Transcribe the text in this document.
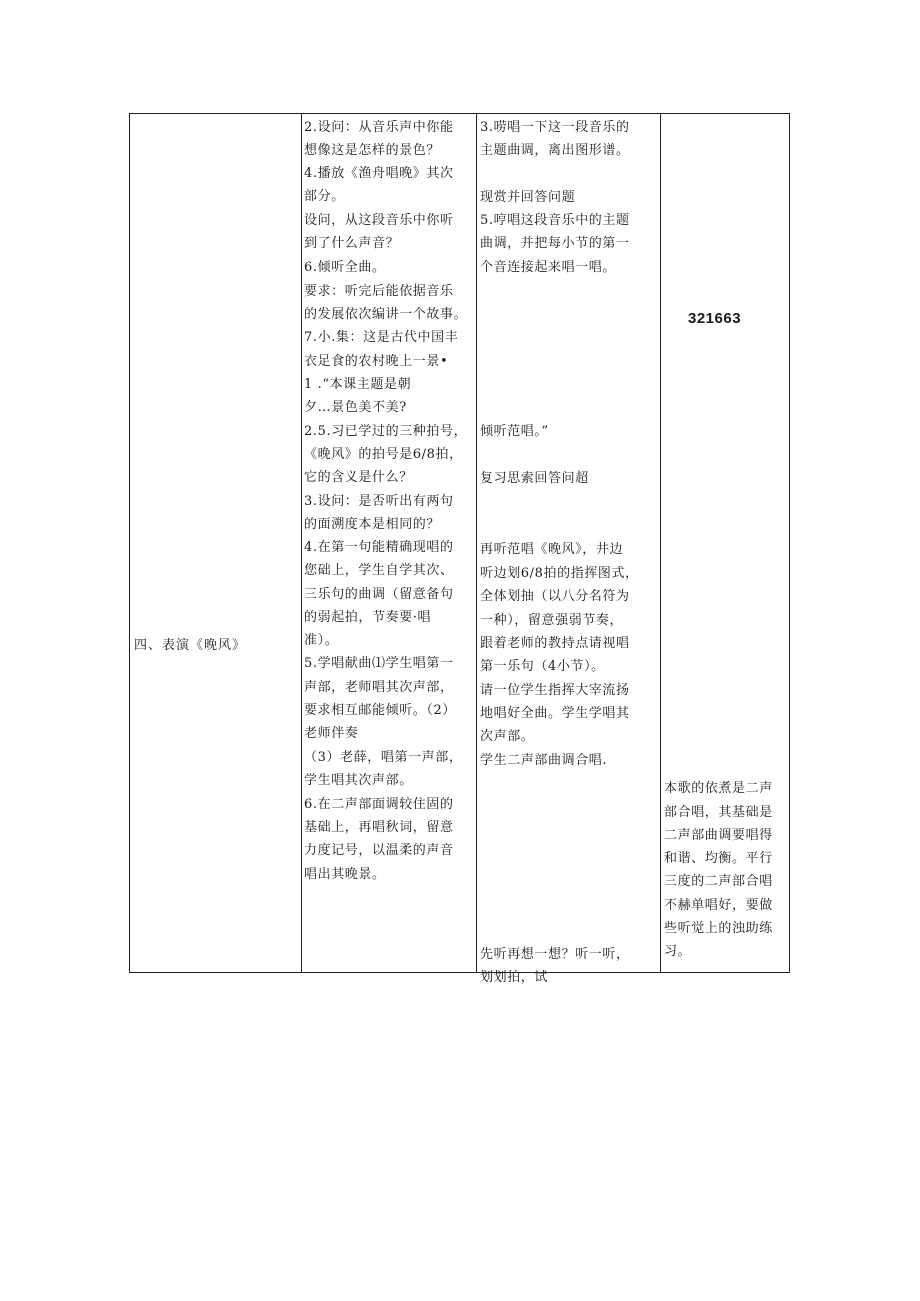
四、表演《晚风》
2.设问：从音乐声中你能
想像这是怎样的景色？
4.播放《渔舟唱晚》其次
部分。
设问，从这段音乐中你听
到了什么声音？
6.倾听全曲。
要求：听完后能依据音乐
的发展依次编讲一个故事。
7.小.集：这是古代中国丰
衣足食的农村晚上一景•
1 .“本课主题是朝
夕…景色美不美?
2.5.习已学过的三种拍号，
《晚风》的拍号是6/8拍，
它的含义是什么？
3.设问：是否听出有两句
的面溯度本是相同的？
4.在第一句能精确现唱的
您础上，学生自学其次、
三乐句的曲调（留意备句
的弱起拍，节奏要·唱
准）。
5.学唱献曲⑴学生唱第一
声部，老师唱其次声部，
要求相互邮能倾听。（2）
老师伴奏
（3）老薛，唱第一声部，
学生唱其次声部。
6.在二声部面调较住固的
基础上，再唱秋词，留意
力度记号，以温柔的声音
唱出其晚景。
3.唠唱一下这一段音乐的
主题曲调，离出图形谱。
现赏并回答问题
5.哼唱这段音乐中的主题
曲调，并把每小节的第一
个音连接起来唱一唱。
倾听范唱。”
复习思索回答问超
再听范唱《晚风》，井边
听边划6/8拍的指挥图式，
全体划抽（以八分名符为
一种），留意强弱节奏，
跟着老师的教持点请视唱
第一乐句（4小节）。
请一位学生指挥大宰流扬
地唱好全曲。学生学唱其
次声部。
学生二声部曲调合唱.
先听再想一想？听一听，
划划拍，试
321663
本歌的依煮是二声
部合唱，其基础是
二声部曲调要唱得
和谐、均衡。平行
三度的二声部合唱
不赫单唱好，要做
些听觉上的浊助练
习。
